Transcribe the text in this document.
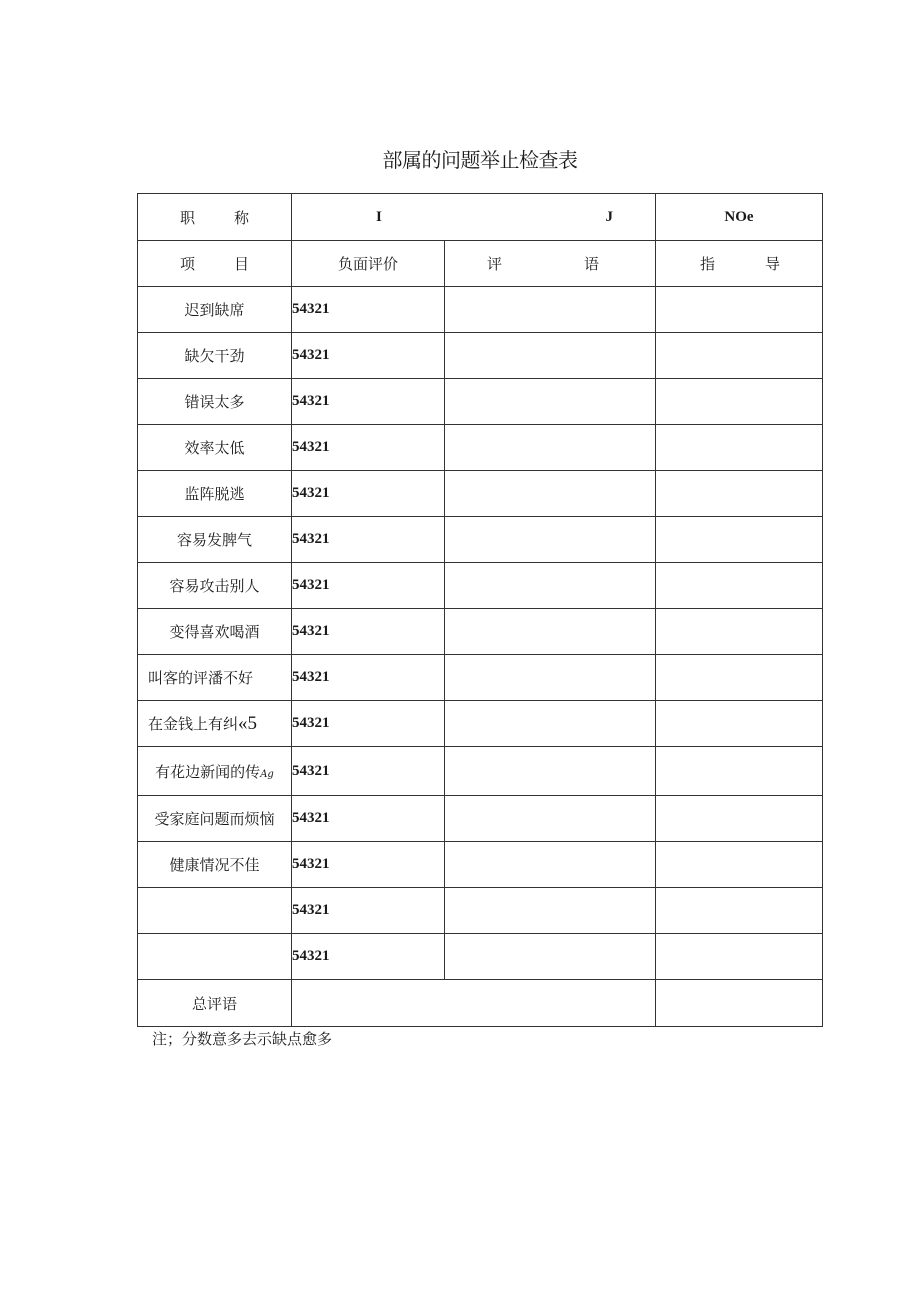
部属的问题举止检查表
职 称	I J		NOe

项 目	负面评价	评 语	指 导

迟到缺席	54321		
缺欠干劲	54321		
错误太多	54321		
效率太低	54321		
监阵脱逃	54321		
容易发脾气	54321		
容易攻击别人	54321		
变得喜欢喝酒	54321		
叫客的评潘不好	54321		
在金钱上有纠«5	54321		
有花边新闻的传Ag	54321		
受家庭问题而烦恼	54321		
健康情况不佳	54321		
	54321		
	54321		
总评语			
注；分数意多去示缺点愈多
